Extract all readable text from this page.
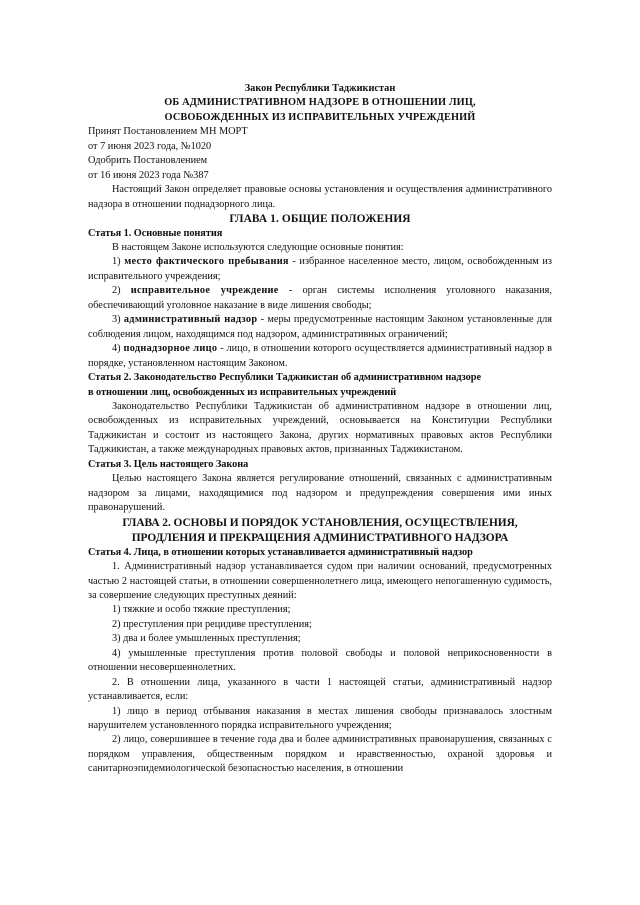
Закон Республики Таджикистан
ОБ АДМИНИСТРАТИВНОМ НАДЗОРЕ В ОТНОШЕНИИ ЛИЦ,
ОСВОБОЖДЕННЫХ ИЗ ИСПРАВИТЕЛЬНЫХ УЧРЕЖДЕНИЙ
Принят Постановлением МН МОРТ
от 7 июня 2023 года, №1020
Одобрить Постановлением
от 16 июня 2023 года №387
Настоящий Закон определяет правовые основы установления и осуществления административного надзора в отношении поднадзорного лица.
ГЛАВА 1. ОБЩИЕ ПОЛОЖЕНИЯ
Статья 1. Основные понятия
В настоящем Законе используются следующие основные понятия:
1) место фактического пребывания - избранное населенное место, лицом, освобожденным из исправительного учреждения;
2) исправительное учреждение - орган системы исполнения уголовного наказания, обеспечивающий уголовное наказание в виде лишения свободы;
3) административный надзор - меры предусмотренные настоящим Законом установленные для соблюдения лицом, находящимся под надзором, административных ограничений;
4) поднадзорное лицо - лицо, в отношении которого осуществляется административный надзор в порядке, установленном настоящим Законом.
Статья 2. Законодательство Республики Таджикистан об административном надзоре
в отношении лиц, освобожденных из исправительных учреждений
Законодательство Республики Таджикистан об административном надзоре в отношении лиц, освобожденных из исправительных учреждений, основывается на Конституции Республики Таджикистан и состоит из настоящего Закона, других нормативных правовых актов Республики Таджикистан, а также международных правовых актов, признанных Таджикистаном.
Статья 3. Цель настоящего Закона
Целью настоящего Закона является регулирование отношений, связанных с административным надзором за лицами, находящимися под надзором и предупреждения совершения ими иных правонарушений.
ГЛАВА 2. ОСНОВЫ И ПОРЯДОК УСТАНОВЛЕНИЯ, ОСУЩЕСТВЛЕНИЯ,
ПРОДЛЕНИЯ И ПРЕКРАЩЕНИЯ АДМИНИСТРАТИВНОГО НАДЗОРА
Статья 4. Лица, в отношении которых устанавливается административный надзор
1. Административный надзор устанавливается судом при наличии оснований, предусмотренных частью 2 настоящей статьи, в отношении совершеннолетнего лица, имеющего непогашенную судимость, за совершение следующих преступных деяний:
1) тяжкие и особо тяжкие преступления;
2) преступления при рецидиве преступления;
3) два и более умышленных преступления;
4) умышленные преступления против половой свободы и половой неприкосновенности в отношении несовершеннолетних.
2. В отношении лица, указанного в части 1 настоящей статьи, административный надзор устанавливается, если:
1) лицо в период отбывания наказания в местах лишения свободы признавалось злостным нарушителем установленного порядка исправительного учреждения;
2) лицо, совершившее в течение года два и более административных правонарушения, связанных с порядком управления, общественным порядком и нравственностью, охраной здоровья и санитарноэпидемиологической безопасностью населения, в отношении
